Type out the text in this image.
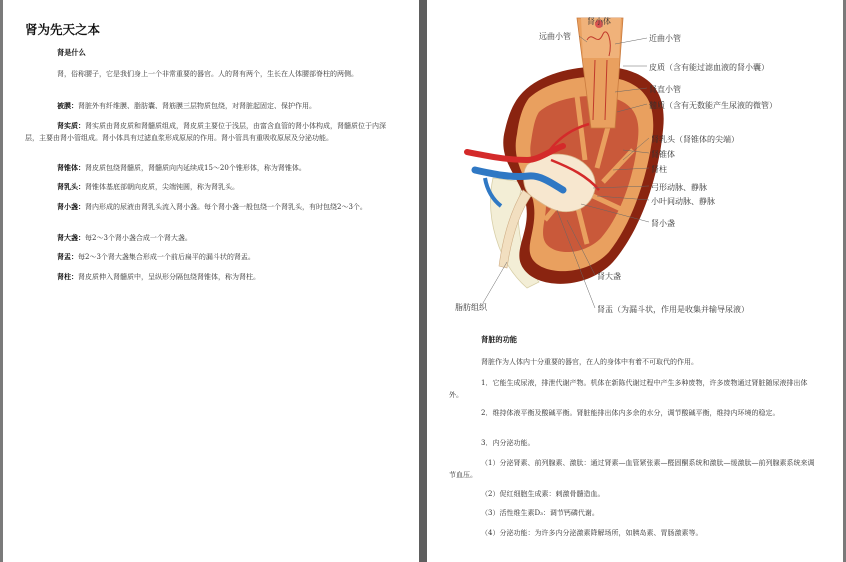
肾为先天之本
肾是什么
肾，俗称腰子，它是我们身上一个非常重要的器官。人的肾有两个，生长在人体腰部脊柱的两侧。
被膜：肾脏外有纤维膜、脂肪囊、肾筋膜三层物质包绕，对肾脏起固定、保护作用。
肾实质：肾实质由肾皮质和肾髓质组成，肾皮质主要位于浅层，由富含血管的肾小体构成，肾髓质位于内深层，主要由肾小管组成。肾小体具有过滤血浆形成原尿的作用。肾小管具有重吸收原尿及分泌功能。
肾锥体：肾皮质包绕肾髓质，肾髓质向内延续成15～20个锥形体，称为肾锥体。
肾乳头：肾锥体基底部朝向皮质，尖端钝圆，称为肾乳头。
肾小盏：肾内形成的尿液由肾乳头流入肾小盏。每个肾小盏一般包绕一个肾乳头，有时包绕2～3个。
肾大盏：每2～3个肾小盏合成一个肾大盏。
肾盂：每2～3个肾大盏集合形成一个前后扁平的漏斗状的肾盂。
肾柱：肾皮质伸入肾髓质中，呈纵形分隔包绕肾锥体，称为肾柱。
肾小体
远曲小管	近曲小管
皮质（含有能过滤血液的肾小囊）
肾直小管
髓质（含有无数能产生尿液的微管）
肾乳头（肾锥体的尖端）
肾锥体
肾柱
弓形动脉、静脉
小叶间动脉、静脉
肾小盏
肾大盏
脂肪组织	肾盂（为漏斗状，作用是收集并输导尿液）
肾脏的功能
肾脏作为人体内十分重要的器官，在人的身体中有着不可取代的作用。
1．它能生成尿液，排泄代谢产物。机体在新陈代谢过程中产生多种废物，许多废物通过肾脏随尿液排出体外。
2．维持体液平衡及酸碱平衡。肾脏能排出体内多余的水分，调节酸碱平衡，维持内环境的稳定。
3．内分泌功能。
（1）分泌肾素、前列腺素、激肽：通过肾素—血管紧张素—醛固酮系统和激肽—缓激肽—前列腺素系统来调节血压。
（2）促红细胞生成素：刺激骨髓造血。
（3）活性维生素D₃：调节钙磷代谢。
（4）分泌功能：为许多内分泌激素降解场所，如胰岛素、胃肠激素等。
